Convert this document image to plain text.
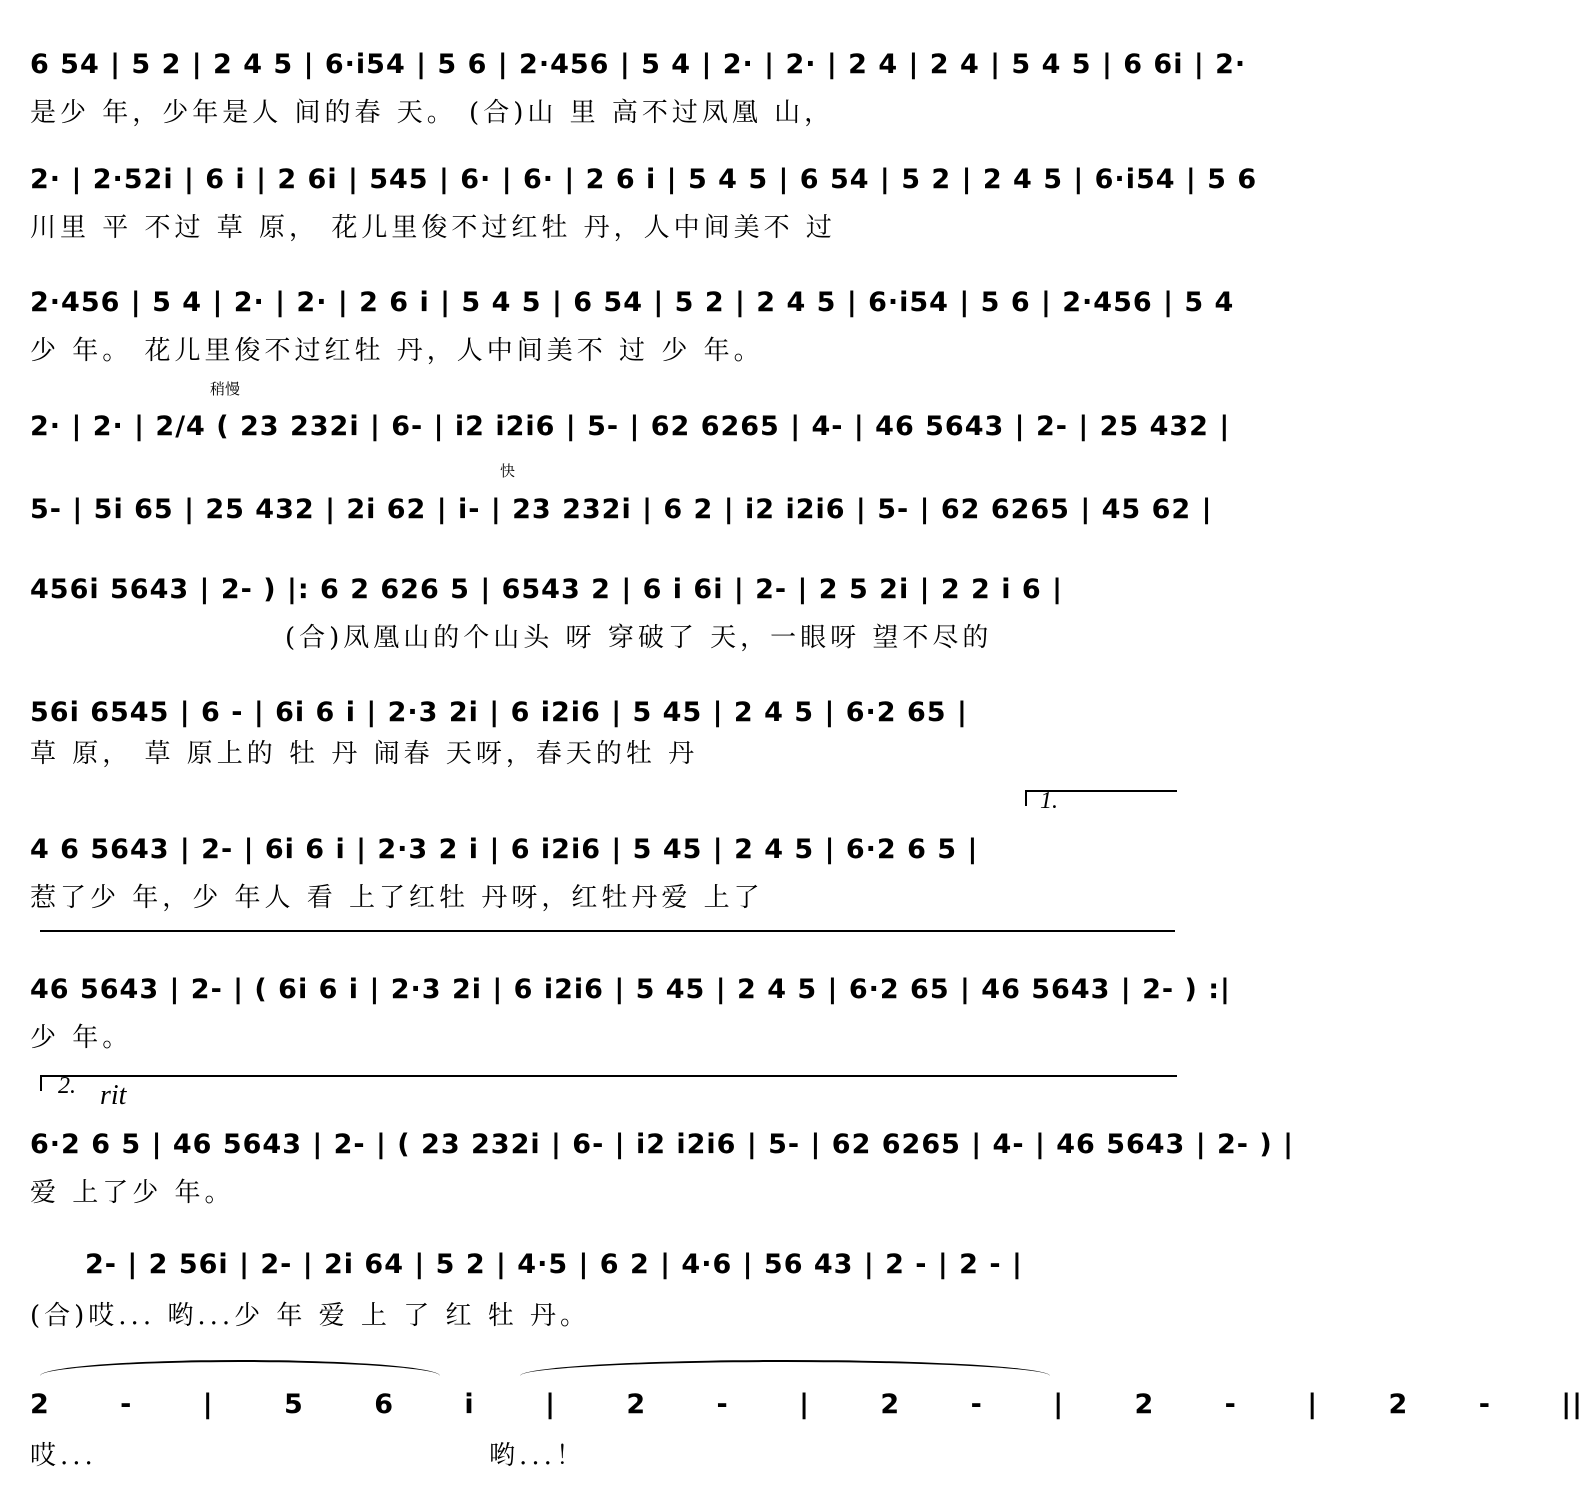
6 54 | 5 2 | 2 4 5 | 6·i54 | 5 6 | 2·456 | 5 4 | 2· | 2· | 2 4 | 2 4 | 5 4 5 | 6 6i | 2·
是少 年，少年是人 间的春 天。 (合)山 里 高不过凤凰 山，
2· | 2·52i | 6 i | 2 6i | 545 | 6· | 6· | 2 6 i | 5 4 5 | 6 54 | 5 2 | 2 4 5 | 6·i54 | 5 6
川里 平 不过 草 原， 花儿里俊不过红牡 丹，人中间美不 过
2·456 | 5 4 | 2· | 2· | 2 6 i | 5 4 5 | 6 54 | 5 2 | 2 4 5 | 6·i54 | 5 6 | 2·456 | 5 4
少 年。 花儿里俊不过红牡 丹，人中间美不 过 少 年。
稍慢
2· | 2· | 2/4 ( 23 232i | 6- | i2 i2i6 | 5- | 62 6265 | 4- | 46 5643 | 2- | 25 432 |
快
5- | 5i 65 | 25 432 | 2i 62 | i- | 23 232i | 6 2 | i2 i2i6 | 5- | 62 6265 | 45 62 |
456i 5643 | 2- ) |: 6 2 626 5 | 6543 2 | 6 i 6i | 2- | 2 5 2i | 2 2 i 6 |
(合)凤凰山的个山头 呀 穿破了 天，一眼呀 望不尽的
56i 6545 | 6 - | 6i 6 i | 2·3 2i | 6 i2i6 | 5 45 | 2 4 5 | 6·2 65 |
草 原， 草 原上的 牡 丹 闹春 天呀，春天的牡 丹
1.
4 6 5643 | 2- | 6i 6 i | 2·3 2 i | 6 i2i6 | 5 45 | 2 4 5 | 6·2 6 5 |
惹了少 年，少 年人 看 上了红牡 丹呀，红牡丹爱 上了
46 5643 | 2- | ( 6i 6 i | 2·3 2i | 6 i2i6 | 5 45 | 2 4 5 | 6·2 65 | 46 5643 | 2- ) :|
少 年。
2. rit
6·2 6 5 | 46 5643 | 2- | ( 23 232i | 6- | i2 i2i6 | 5- | 62 6265 | 4- | 46 5643 | 2- ) |
爱 上了少 年。
2- | 2 56i | 2- | 2i 64 | 5 2 | 4·5 | 6 2 | 4·6 | 56 43 | 2 - | 2 - |
(合)哎... 哟...少 年 爱 上 了 红 牡 丹。
2 - | 5 6 i | 2 - | 2 - | 2 - | 2 - ||
哎... 哟...！
